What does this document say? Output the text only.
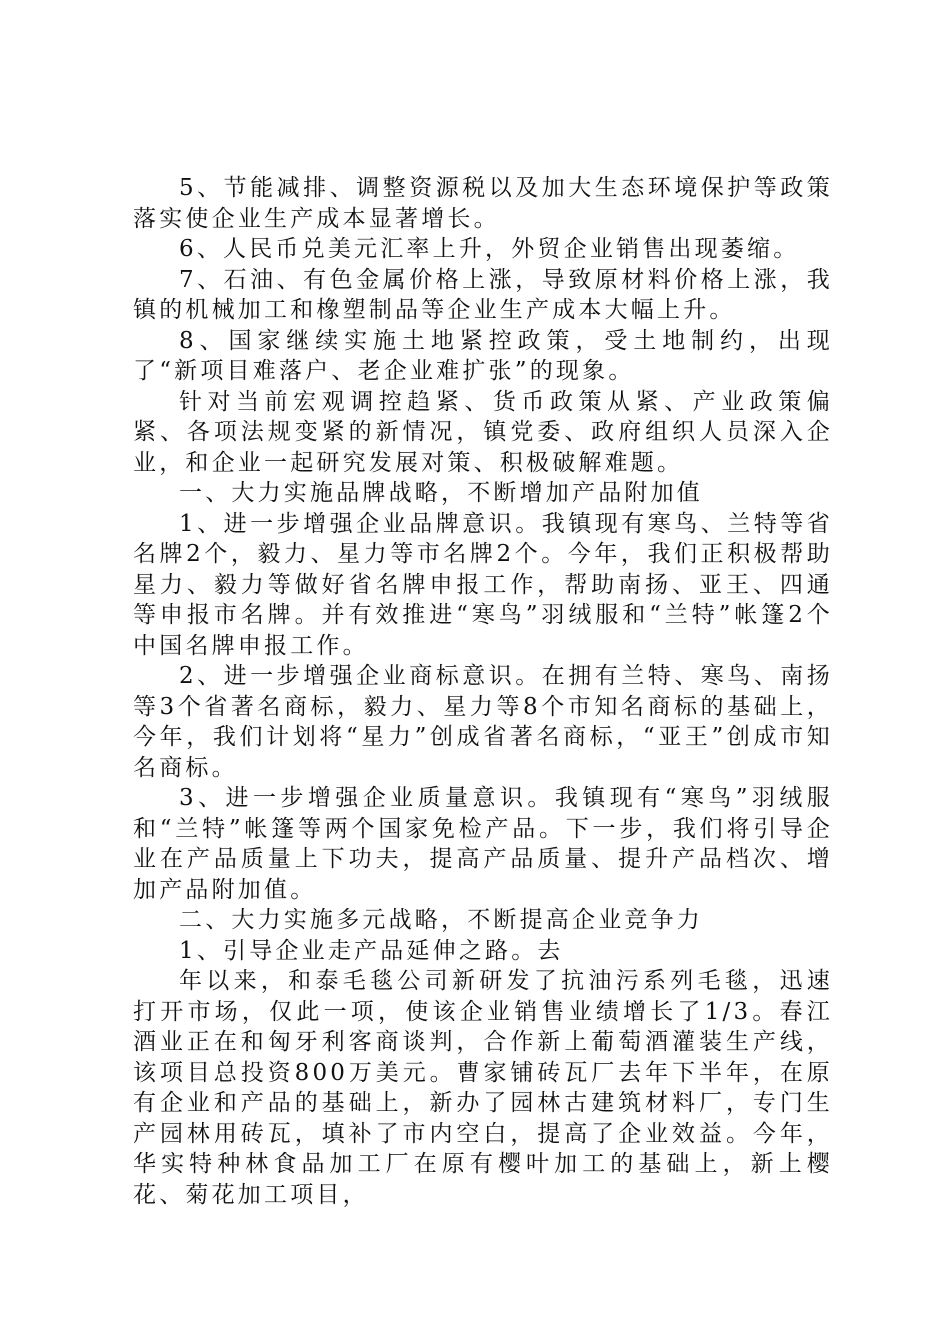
5、节能减排、调整资源税以及加大生态环境保护等政策落实使企业生产成本显著增长。

6、人民币兑美元汇率上升，外贸企业销售出现萎缩。

7、石油、有色金属价格上涨，导致原材料价格上涨，我镇的机械加工和橡塑制品等企业生产成本大幅上升。

8、国家继续实施土地紧控政策，受土地制约，出现了“新项目难落户、老企业难扩张”的现象。

针对当前宏观调控趋紧、货币政策从紧、产业政策偏紧、各项法规变紧的新情况，镇党委、政府组织人员深入企业，和企业一起研究发展对策、积极破解难题。

一、大力实施品牌战略，不断增加产品附加值

1、进一步增强企业品牌意识。我镇现有寒鸟、兰特等省名牌2个，毅力、星力等市名牌2个。今年，我们正积极帮助星力、毅力等做好省名牌申报工作，帮助南扬、亚王、四通等申报市名牌。并有效推进“寒鸟”羽绒服和“兰特”帐篷2个中国名牌申报工作。

2、进一步增强企业商标意识。在拥有兰特、寒鸟、南扬等3个省著名商标，毅力、星力等8个市知名商标的基础上，今年，我们计划将“星力”创成省著名商标，“亚王”创成市知名商标。

3、进一步增强企业质量意识。我镇现有“寒鸟”羽绒服和“兰特”帐篷等两个国家免检产品。下一步，我们将引导企业在产品质量上下功夫，提高产品质量、提升产品档次、增加产品附加值。

二、大力实施多元战略，不断提高企业竞争力

1、引导企业走产品延伸之路。去

年以来，和泰毛毯公司新研发了抗油污系列毛毯，迅速打开市场，仅此一项，使该企业销售业绩增长了1/3。春江酒业正在和匈牙利客商谈判，合作新上葡萄酒灌装生产线，该项目总投资800万美元。曹家铺砖瓦厂去年下半年，在原有企业和产品的基础上，新办了园林古建筑材料厂，专门生产园林用砖瓦，填补了市内空白，提高了企业效益。今年，华实特种林食品加工厂在原有樱叶加工的基础上，新上樱花、菊花加工项目，
